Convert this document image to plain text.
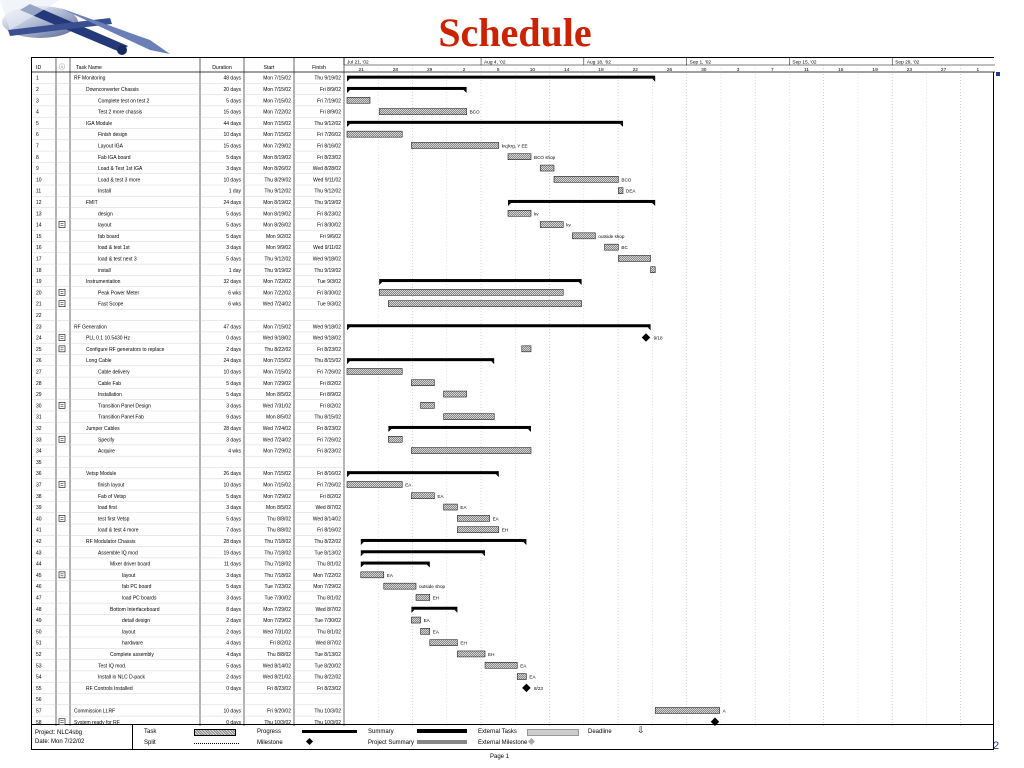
Schedule
ID	ⓘ Task Name	Duration	Start	Finish	21	28	29	2	5	10	14	18	22	26	30	3	7	11	15	19	23	27	1
Jul 21, '02	Aug 4, '02	Aug 18, '02	Sep 1, '02	Sep 15, '02	Sep 29, '02
1	RF Monitoring	48 days	Mon 7/15/02	Thu 9/19/02
2	Downconverter Chassis	20 days	Mon 7/15/02	Fri 8/9/02
3	Complete test on test 2	5 days	Mon 7/15/02	Fri 7/19/02
4	Test 2 more chassis	15 days	Mon 7/22/02	Fri 8/9/02	BCO
5	IGA Module	44 days	Mon 7/15/02	Thu 9/12/02
6	Finish design	10 days	Mon 7/15/02	Fri 7/26/02
7	Layout IGA	15 days	Mon 7/29/02	Fri 8/16/02	kv,jkrg, Y EE
8	Fab IGA board	5 days	Mon 8/19/02	Fri 8/23/02	BCO shop
9	Load & Test 1st IGA	3 days	Mon 8/26/02	Wed 8/28/02
10	Load & test 3 more	10 days	Thu 8/29/02	Wed 9/11/02	BCO
11	Install	1 day	Thu 9/12/02	Thu 9/12/02	DEA
12	FMIT	24 days	Mon 8/19/02	Thu 9/19/02
13	design	5 days	Mon 8/19/02	Fri 8/23/02	kv
14	layout	5 days	Mon 8/26/02	Fri 8/30/02	kv
15	fab board	5 days	Mon 9/2/02	Fri 9/6/02	outside shop
16	load & test 1st	3 days	Mon 9/9/02	Wed 9/11/02	BC
17	load & test next 3	5 days	Thu 9/12/02	Wed 9/18/02
18	install	1 day	Thu 9/19/02	Thu 9/19/02
19	Instrumentation	32 days	Mon 7/22/02	Tue 9/3/02
20	Peak Power Meter	6 wks	Mon 7/22/02	Fri 8/30/02
21	Fast Scope	6 wks	Wed 7/24/02	Tue 9/3/02
22
23	RF Generation	47 days	Mon 7/15/02	Wed 9/18/02
24	PLL 0.1 10.5430 Hz	0 days	Wed 9/18/02	Wed 9/18/02	9/18
25	Configure RF generators to replace	2 days	Thu 8/22/02	Fri 8/23/02
26	Long Cable	24 days	Mon 7/15/02	Thu 8/15/02
27	Cable delivery	10 days	Mon 7/15/02	Fri 7/26/02
28	Cable Fab	5 days	Mon 7/29/02	Fri 8/2/02
29	Installation	5 days	Mon 8/5/02	Fri 8/9/02
30	Transition Panel Design	3 days	Wed 7/31/02	Fri 8/2/02
31	Transition Panel Fab	9 days	Mon 8/5/02	Thu 8/15/02
32	Jumper Cables	28 days	Wed 7/24/02	Fri 8/23/02
33	Specify	3 days	Wed 7/24/02	Fri 7/26/02
34	Acquire	4 wks	Mon 7/29/02	Fri 8/23/02
35
36	Vetsp Module	26 days	Mon 7/15/02	Fri 8/16/02
37	finish layout	10 days	Mon 7/15/02	Fri 7/26/02	EA
38	Fab of Vetsp	5 days	Mon 7/29/02	Fri 8/2/02	EA
39	load first	3 days	Mon 8/5/02	Wed 8/7/02	EA
40	test first Vetsp	5 days	Thu 8/8/02	Wed 8/14/02	EA
41	load & test 4 more	7 days	Thu 8/8/02	Fri 8/16/02	EH
42	RF Modulator Chassis	28 days	Thu 7/18/02	Thu 8/22/02
43	Assemble IQ mod	19 days	Thu 7/18/02	Tue 8/13/02
44	Mixer driver board	11 days	Thu 7/18/02	Thu 8/1/02
45	layout	3 days	Thu 7/18/02	Mon 7/22/02	EA
46	fab PC board	5 days	Tue 7/23/02	Mon 7/29/02	outside shop
47	load PC boards	3 days	Tue 7/30/02	Thu 8/1/02	EH
48	Bottom Interfaceboard	8 days	Mon 7/29/02	Wed 8/7/02
49	detail design	2 days	Mon 7/29/02	Tue 7/30/02	EA
50	layout	2 days	Wed 7/31/02	Thu 8/1/02	EA
51	hardware	4 days	Fri 8/2/02	Wed 8/7/02	EH
52	Complete assembly	4 days	Thu 8/8/02	Tue 8/13/02	EH
53	Test IQ mod.	5 days	Wed 8/14/02	Tue 8/20/02	EA
54	Install in NLC D-pack	2 days	Wed 8/21/02	Thu 8/22/02	EA
55	RF Controls Installed	0 days	Fri 8/23/02	Fri 8/23/02	8/23
56
57	Commission LLRF	10 days	Fri 9/20/02	Thu 10/3/02	A
58	System ready for RF	0 days	Thu 10/3/02	Thu 10/3/02
Project: NLC4sbg
Date: Mon 7/22/02
Task
Split
Progress
Milestone
Summary
Project Summary
External Tasks
External Milestone
Deadline	⇩
2
Page 1
